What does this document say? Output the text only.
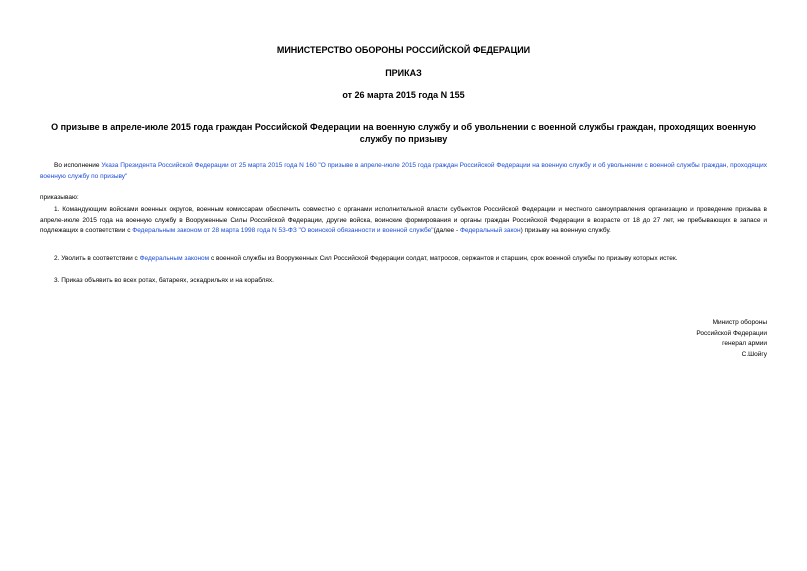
МИНИСТЕРСТВО ОБОРОНЫ РОССИЙСКОЙ ФЕДЕРАЦИИ
ПРИКАЗ
от 26 марта 2015 года N 155
О призыве в апреле-июле 2015 года граждан Российской Федерации на военную службу и об увольнении с военной службы граждан, проходящих военную службу по призыву
Во исполнение Указа Президента Российской Федерации от 25 марта 2015 года N 160 "О призыве в апреле-июле 2015 года граждан Российской Федерации на военную службу и об увольнении с военной службы граждан, проходящих военную службу по призыву"
приказываю:
1. Командующим войсками военных округов, военным комиссарам обеспечить совместно с органами исполнительной власти субъектов Российской Федерации и местного самоуправления организацию и проведение призыва в апреле-июле 2015 года на военную службу в Вооруженные Силы Российской Федерации, другие войска, воинские формирования и органы граждан Российской Федерации в возрасте от 18 до 27 лет, не пребывающих в запасе и подлежащих в соответствии с Федеральным законом от 28 марта 1998 года N 53-ФЗ "О воинской обязанности и военной службе"(далее - Федеральный закон) призыву на военную службу.
2. Уволить в соответствии с Федеральным законом с военной службы из Вооруженных Сил Российской Федерации солдат, матросов, сержантов и старшин, срок военной службы по призыву которых истек.
3. Приказ объявить во всех ротах, батареях, эскадрильях и на кораблях.
Министр обороны
Российской Федерации
генерал армии
С.Шойгу
